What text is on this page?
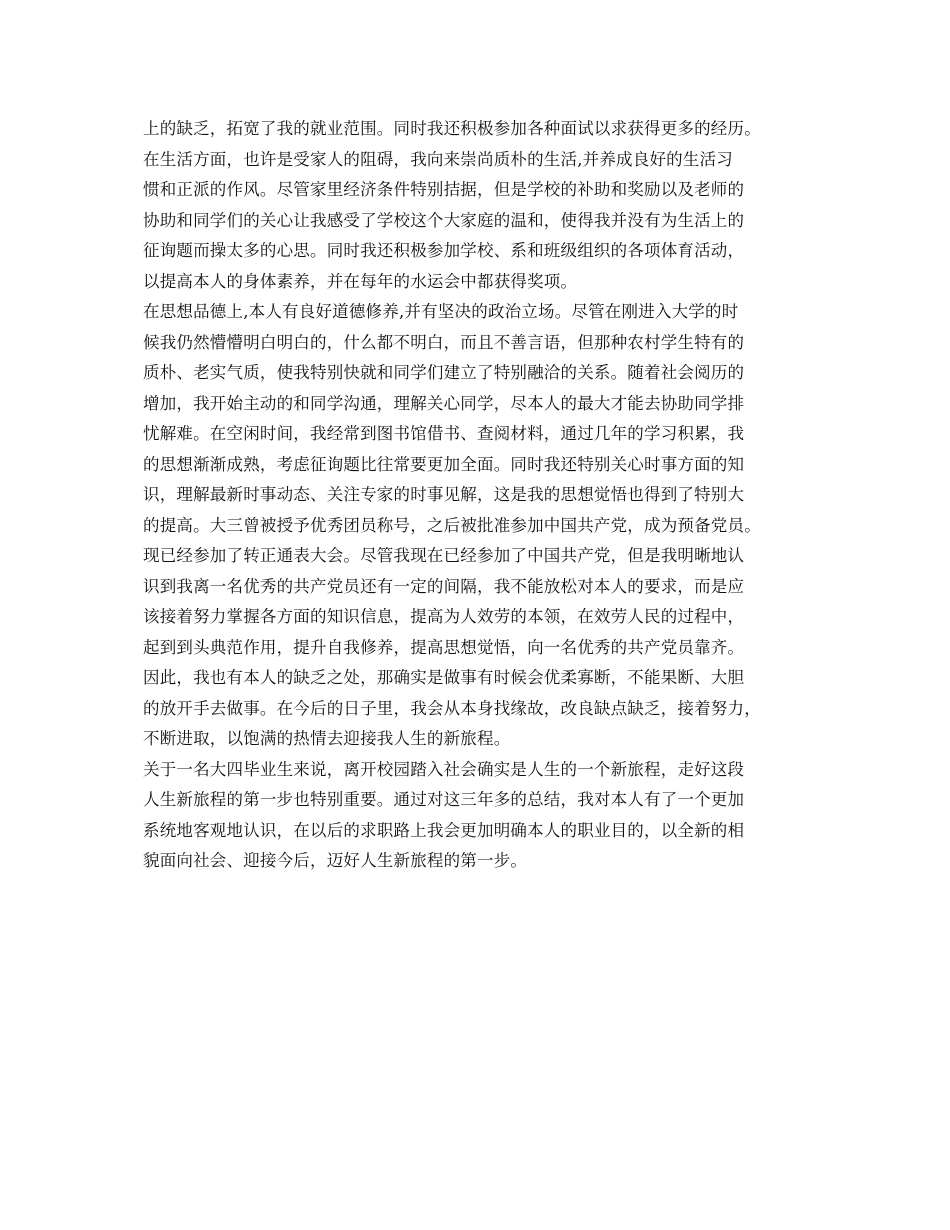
上的缺乏，拓宽了我的就业范围。同时我还积极参加各种面试以求获得更多的经历。
在生活方面，也许是受家人的阻碍，我向来崇尚质朴的生活,并养成良好的生活习
惯和正派的作风。尽管家里经济条件特别拮据，但是学校的补助和奖励以及老师的
协助和同学们的关心让我感受了学校这个大家庭的温和，使得我并没有为生活上的
征询题而操太多的心思。同时我还积极参加学校、系和班级组织的各项体育活动，
以提高本人的身体素养，并在每年的水运会中都获得奖项。
在思想品德上,本人有良好道德修养,并有坚决的政治立场。尽管在刚进入大学的时
候我仍然懵懵明白明白的，什么都不明白，而且不善言语，但那种农村学生特有的
质朴、老实气质，使我特别快就和同学们建立了特别融洽的关系。随着社会阅历的
增加，我开始主动的和同学沟通，理解关心同学，尽本人的最大才能去协助同学排
忧解难。在空闲时间，我经常到图书馆借书、查阅材料，通过几年的学习积累，我
的思想渐渐成熟，考虑征询题比往常要更加全面。同时我还特别关心时事方面的知
识，理解最新时事动态、关注专家的时事见解，这是我的思想觉悟也得到了特别大
的提高。大三曾被授予优秀团员称号，之后被批准参加中国共产党，成为预备党员。
现已经参加了转正通表大会。尽管我现在已经参加了中国共产党，但是我明晰地认
识到我离一名优秀的共产党员还有一定的间隔，我不能放松对本人的要求，而是应
该接着努力掌握各方面的知识信息，提高为人效劳的本领，在效劳人民的过程中，
起到到头典范作用，提升自我修养，提高思想觉悟，向一名优秀的共产党员靠齐。
因此，我也有本人的缺乏之处，那确实是做事有时候会优柔寡断，不能果断、大胆
的放开手去做事。在今后的日子里，我会从本身找缘故，改良缺点缺乏，接着努力，
不断进取，以饱满的热情去迎接我人生的新旅程。
关于一名大四毕业生来说，离开校园踏入社会确实是人生的一个新旅程，走好这段
人生新旅程的第一步也特别重要。通过对这三年多的总结，我对本人有了一个更加
系统地客观地认识，在以后的求职路上我会更加明确本人的职业目的，以全新的相
貌面向社会、迎接今后，迈好人生新旅程的第一步。
